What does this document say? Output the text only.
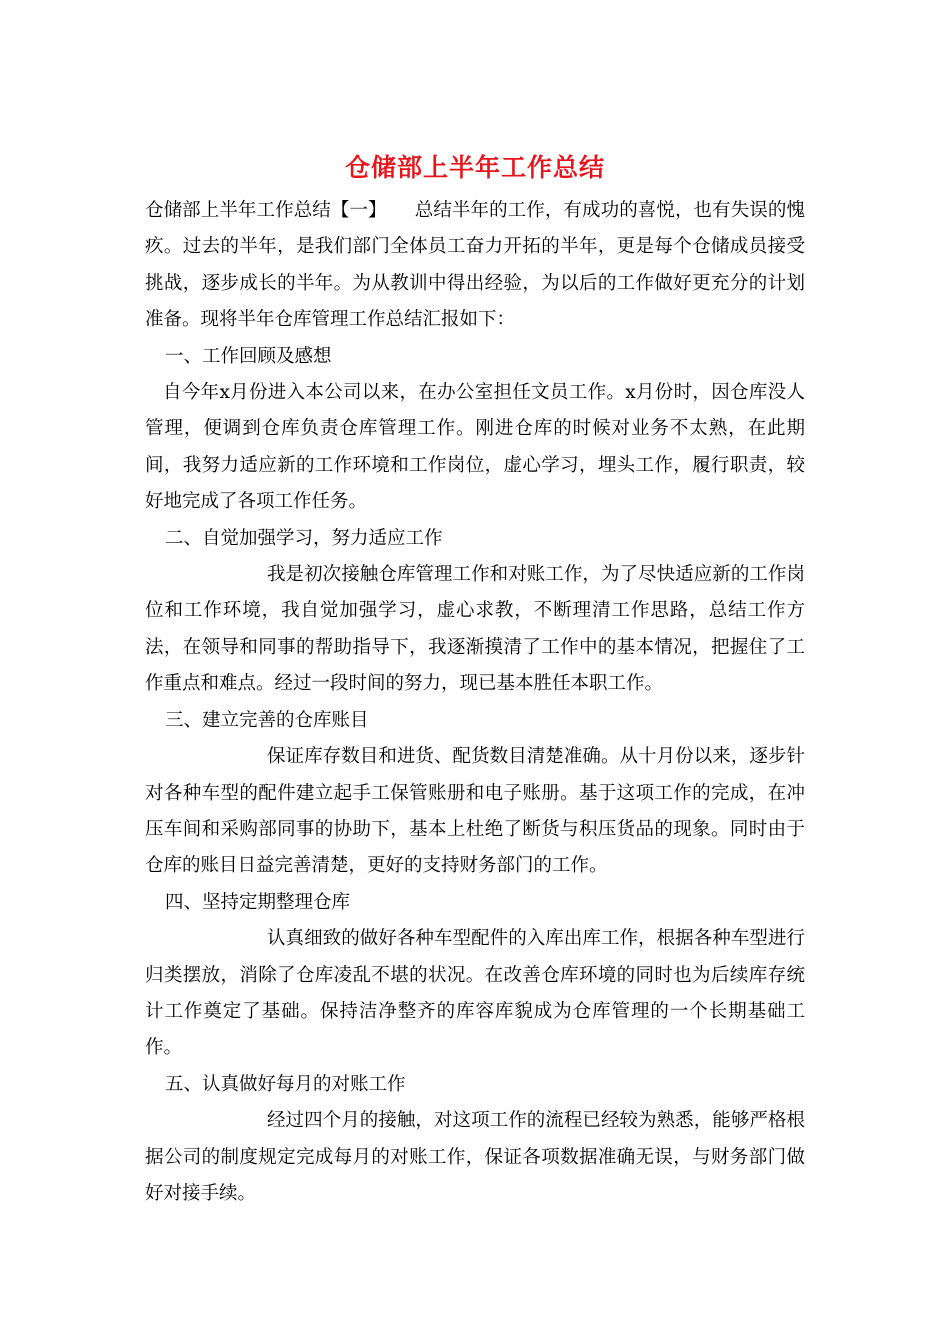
仓储部上半年工作总结

仓储部上半年工作总结【一】 总结半年的工作，有成功的喜悦，也有失误的愧疚。过去的半年，是我们部门全体员工奋力开拓的半年，更是每个仓储成员接受挑战，逐步成长的半年。为从教训中得出经验，为以后的工作做好更充分的计划准备。现将半年仓库管理工作总结汇报如下：

一、工作回顾及感想

自今年x月份进入本公司以来，在办公室担任文员工作。x月份时，因仓库没人管理，便调到仓库负责仓库管理工作。刚进仓库的时候对业务不太熟，在此期间，我努力适应新的工作环境和工作岗位，虚心学习，埋头工作，履行职责，较好地完成了各项工作任务。

二、自觉加强学习，努力适应工作

我是初次接触仓库管理工作和对账工作，为了尽快适应新的工作岗位和工作环境，我自觉加强学习，虚心求教，不断理清工作思路，总结工作方法，在领导和同事的帮助指导下，我逐渐摸清了工作中的基本情况，把握住了工作重点和难点。经过一段时间的努力，现已基本胜任本职工作。

三、建立完善的仓库账目

保证库存数目和进货、配货数目清楚准确。从十月份以来，逐步针对各种车型的配件建立起手工保管账册和电子账册。基于这项工作的完成，在冲压车间和采购部同事的协助下，基本上杜绝了断货与积压货品的现象。同时由于仓库的账目日益完善清楚，更好的支持财务部门的工作。

四、坚持定期整理仓库

认真细致的做好各种车型配件的入库出库工作，根据各种车型进行归类摆放，消除了仓库凌乱不堪的状况。在改善仓库环境的同时也为后续库存统计工作奠定了基础。保持洁净整齐的库容库貌成为仓库管理的一个长期基础工作。

五、认真做好每月的对账工作

经过四个月的接触，对这项工作的流程已经较为熟悉，能够严格根据公司的制度规定完成每月的对账工作，保证各项数据准确无误，与财务部门做好对接手续。
